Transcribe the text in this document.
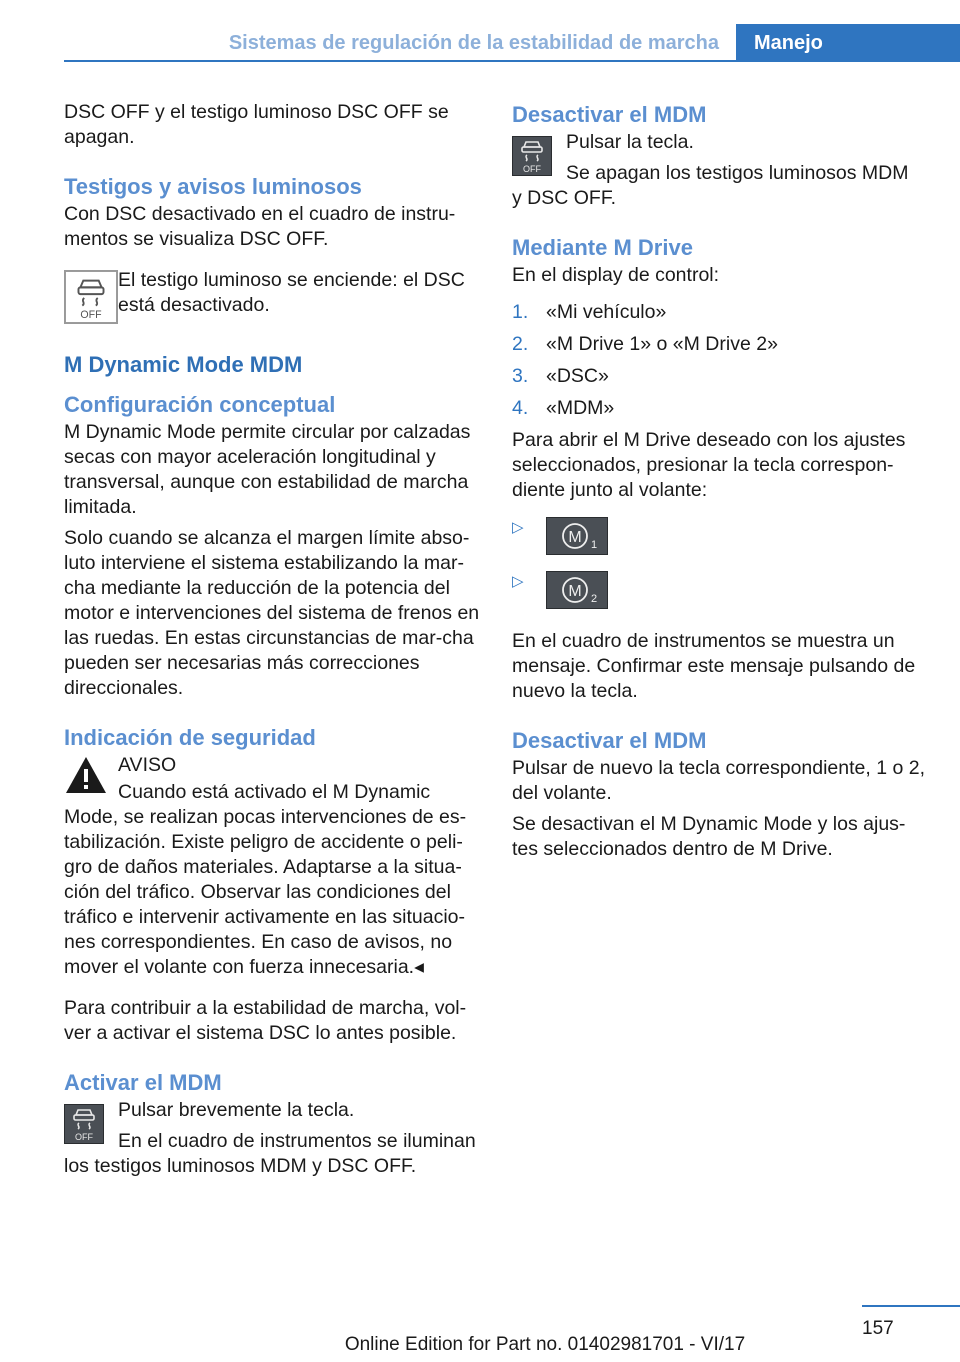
Sistemas de regulación de la estabilidad de marcha	Manejo

DSC OFF y el testigo luminoso DSC OFF se apagan.

Testigos y avisos luminosos

Con DSC desactivado en el cuadro de instru-mentos se visualiza DSC OFF.

OFF

El testigo luminoso se enciende: el DSC está desactivado.

M Dynamic Mode MDM
Configuración conceptual

M Dynamic Mode permite circular por calzadas secas con mayor aceleración longitudinal y transversal, aunque con estabilidad de marcha limitada.

Solo cuando se alcanza el margen límite abso-luto interviene el sistema estabilizando la mar-cha mediante la reducción de la potencia del motor e intervenciones del sistema de frenos en las ruedas. En estas circunstancias de mar-cha pueden ser necesarias más correcciones direccionales.

Indicación de seguridad

AVISO

Cuando está activado el M Dynamic

Mode, se realizan pocas intervenciones de es-tabilización. Existe peligro de accidente o peli-gro de daños materiales. Adaptarse a la situa-ción del tráfico. Observar las condiciones del tráfico e intervenir activamente en las situacio-nes correspondientes. En caso de avisos, no mover el volante con fuerza innecesaria.◂

Para contribuir a la estabilidad de marcha, vol-ver a activar el sistema DSC lo antes posible.

Activar el MDM
OFF

Pulsar brevemente la tecla.

En el cuadro de instrumentos se iluminan

los testigos luminosos MDM y DSC OFF.

Desactivar el MDM
OFF

Pulsar la tecla.

Se apagan los testigos luminosos MDM

y DSC OFF.

Mediante M Drive

En el display de control:

1. «Mi vehículo»
2. «M Drive 1» o «M Drive 2»
3. «DSC»
4. «MDM»

Para abrir el M Drive deseado con los ajustes seleccionados, presionar la tecla correspon-diente junto al volante:

▷
M 1
▷
M 2

En el cuadro de instrumentos se muestra un mensaje. Confirmar este mensaje pulsando de nuevo la tecla.

Desactivar el MDM

Pulsar de nuevo la tecla correspondiente, 1 o 2, del volante.

Se desactivan el M Dynamic Mode y los ajus-tes seleccionados dentro de M Drive.

157
Online Edition for Part no. 01402981701 - VI/17
